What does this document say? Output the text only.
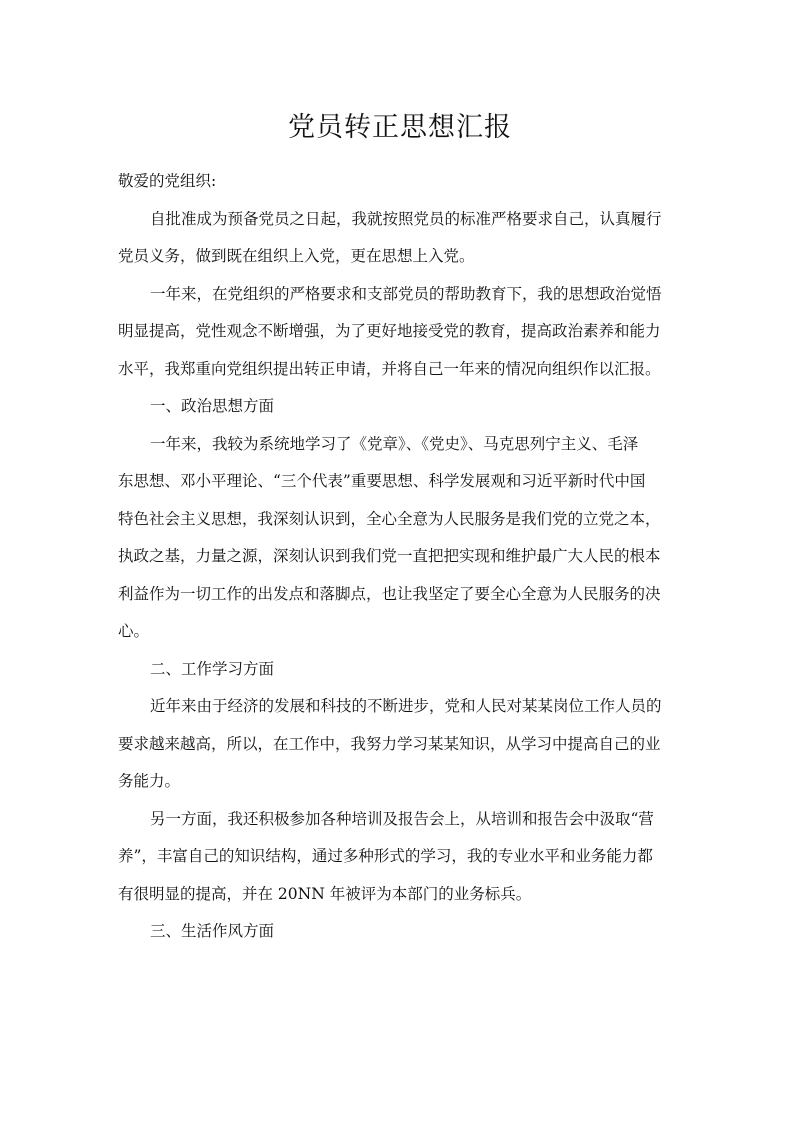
党员转正思想汇报

敬爱的党组织:

自批准成为预备党员之日起，我就按照党员的标准严格要求自己，认真履行

党员义务，做到既在组织上入党，更在思想上入党。

一年来，在党组织的严格要求和支部党员的帮助教育下，我的思想政治觉悟

明显提高，党性观念不断增强，为了更好地接受党的教育，提高政治素养和能力

水平，我郑重向党组织提出转正申请，并将自己一年来的情况向组织作以汇报。

一、政治思想方面

一年来，我较为系统地学习了《党章》、《党史》、马克思列宁主义、毛泽

东思想、邓小平理论、“三个代表”重要思想、科学发展观和习近平新时代中国

特色社会主义思想，我深刻认识到，全心全意为人民服务是我们党的立党之本，

执政之基，力量之源，深刻认识到我们党一直把把实现和维护最广大人民的根本

利益作为一切工作的出发点和落脚点，也让我坚定了要全心全意为人民服务的决

心。

二、工作学习方面

近年来由于经济的发展和科技的不断进步，党和人民对某某岗位工作人员的

要求越来越高，所以，在工作中，我努力学习某某知识，从学习中提高自己的业

务能力。

另一方面，我还积极参加各种培训及报告会上，从培训和报告会中汲取“营

养”，丰富自己的知识结构，通过多种形式的学习，我的专业水平和业务能力都

有很明显的提高，并在 20NN 年被评为本部门的业务标兵。

三、生活作风方面
